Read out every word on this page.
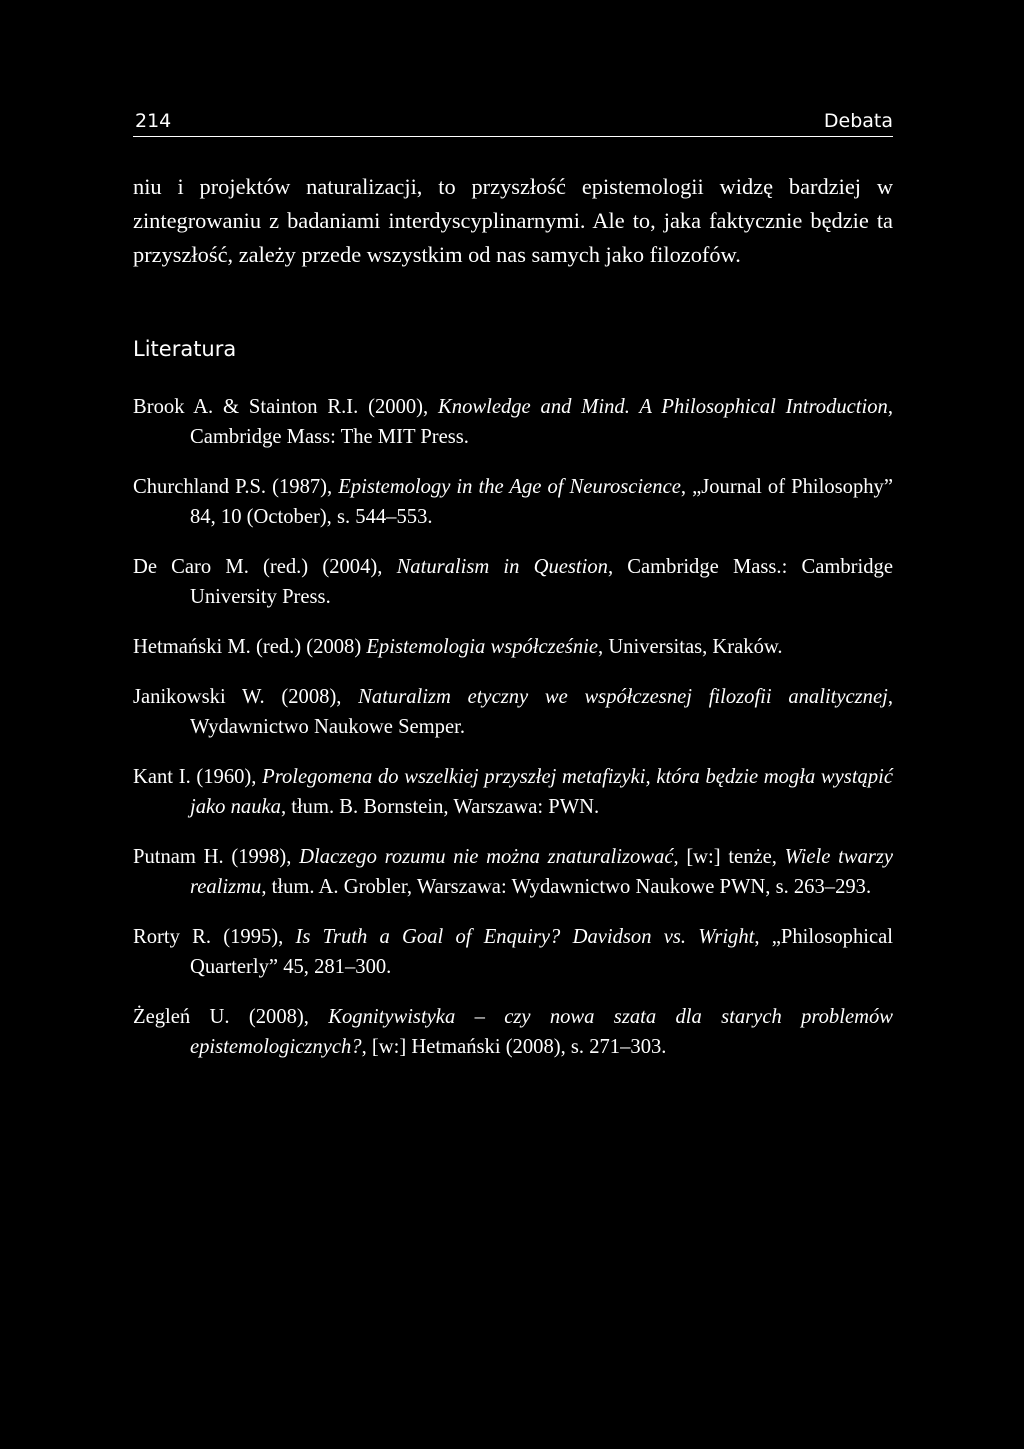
214	Debata

niu i projektów naturalizacji, to przyszłość epistemologii widzę bardziej w zintegrowaniu z badaniami interdyscyplinarnymi. Ale to, jaka faktycznie będzie ta przyszłość, zależy przede wszystkim od nas samych jako filozofów.

Literatura
Brook A. & Stainton R.I. (2000), Knowledge and Mind. A Philosophical Introduction, Cambridge Mass: The MIT Press.
Churchland P.S. (1987), Epistemology in the Age of Neuroscience, „Journal of Philosophy” 84, 10 (October), s. 544–553.
De Caro M. (red.) (2004), Naturalism in Question, Cambridge Mass.: Cambridge University Press.
Hetmański M. (red.) (2008) Epistemologia współcześnie, Universitas, Kraków.
Janikowski W. (2008), Naturalizm etyczny we współczesnej filozofii analitycznej, Wydawnictwo Naukowe Semper.
Kant I. (1960), Prolegomena do wszelkiej przyszłej metafizyki, która będzie mogła wystąpić jako nauka, tłum. B. Bornstein, Warszawa: PWN.
Putnam H. (1998), Dlaczego rozumu nie można znaturalizować, [w:] tenże, Wiele twarzy realizmu, tłum. A. Grobler, Warszawa: Wydawnictwo Naukowe PWN, s. 263–293.
Rorty R. (1995), Is Truth a Goal of Enquiry? Davidson vs. Wright, „Philosophical Quarterly” 45, 281–300.
Żegleń U. (2008), Kognitywistyka – czy nowa szata dla starych problemów epistemologicznych?, [w:] Hetmański (2008), s. 271–303.
